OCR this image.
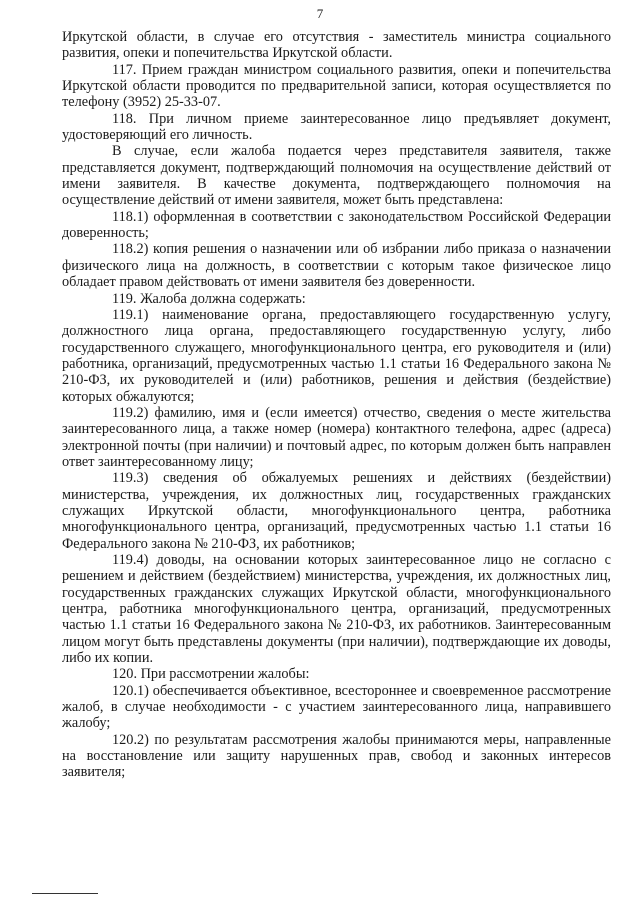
7

Иркутской области, в случае его отсутствия - заместитель министра социального развития, опеки и попечительства Иркутской области.

117. Прием граждан министром социального развития, опеки и попечительства Иркутской области проводится по предварительной записи, которая осуществляется по телефону (3952) 25-33-07.

118. При личном приеме заинтересованное лицо предъявляет документ, удостоверяющий его личность.

В случае, если жалоба подается через представителя заявителя, также представляется документ, подтверждающий полномочия на осуществление действий от имени заявителя. В качестве документа, подтверждающего полномочия на осуществление действий от имени заявителя, может быть представлена:

118.1) оформленная в соответствии с законодательством Российской Федерации доверенность;

118.2) копия решения о назначении или об избрании либо приказа о назначении физического лица на должность, в соответствии с которым такое физическое лицо обладает правом действовать от имени заявителя без доверенности.

119. Жалоба должна содержать:

119.1) наименование органа, предоставляющего государственную услугу, должностного лица органа, предоставляющего государственную услугу, либо государственного служащего, многофункционального центра, его руководителя и (или) работника, организаций, предусмотренных частью 1.1 статьи 16 Федерального закона № 210-ФЗ, их руководителей и (или) работников, решения и действия (бездействие) которых обжалуются;

119.2) фамилию, имя и (если имеется) отчество, сведения о месте жительства заинтересованного лица, а также номер (номера) контактного телефона, адрес (адреса) электронной почты (при наличии) и почтовый адрес, по которым должен быть направлен ответ заинтересованному лицу;

119.3) сведения об обжалуемых решениях и действиях (бездействии) министерства, учреждения, их должностных лиц, государственных гражданских служащих Иркутской области, многофункционального центра, работника многофункционального центра, организаций, предусмотренных частью 1.1 статьи 16 Федерального закона № 210-ФЗ, их работников;

119.4) доводы, на основании которых заинтересованное лицо не согласно с решением и действием (бездействием) министерства, учреждения, их должностных лиц, государственных гражданских служащих Иркутской области, многофункционального центра, работника многофункционального центра, организаций, предусмотренных частью 1.1 статьи 16 Федерального закона № 210-ФЗ, их работников. Заинтересованным лицом могут быть представлены документы (при наличии), подтверждающие их доводы, либо их копии.

120. При рассмотрении жалобы:

120.1) обеспечивается объективное, всестороннее и своевременное рассмотрение жалоб, в случае необходимости - с участием заинтересованного лица, направившего жалобу;

120.2) по результатам рассмотрения жалобы принимаются меры, направленные на восстановление или защиту нарушенных прав, свобод и законных интересов заявителя;
